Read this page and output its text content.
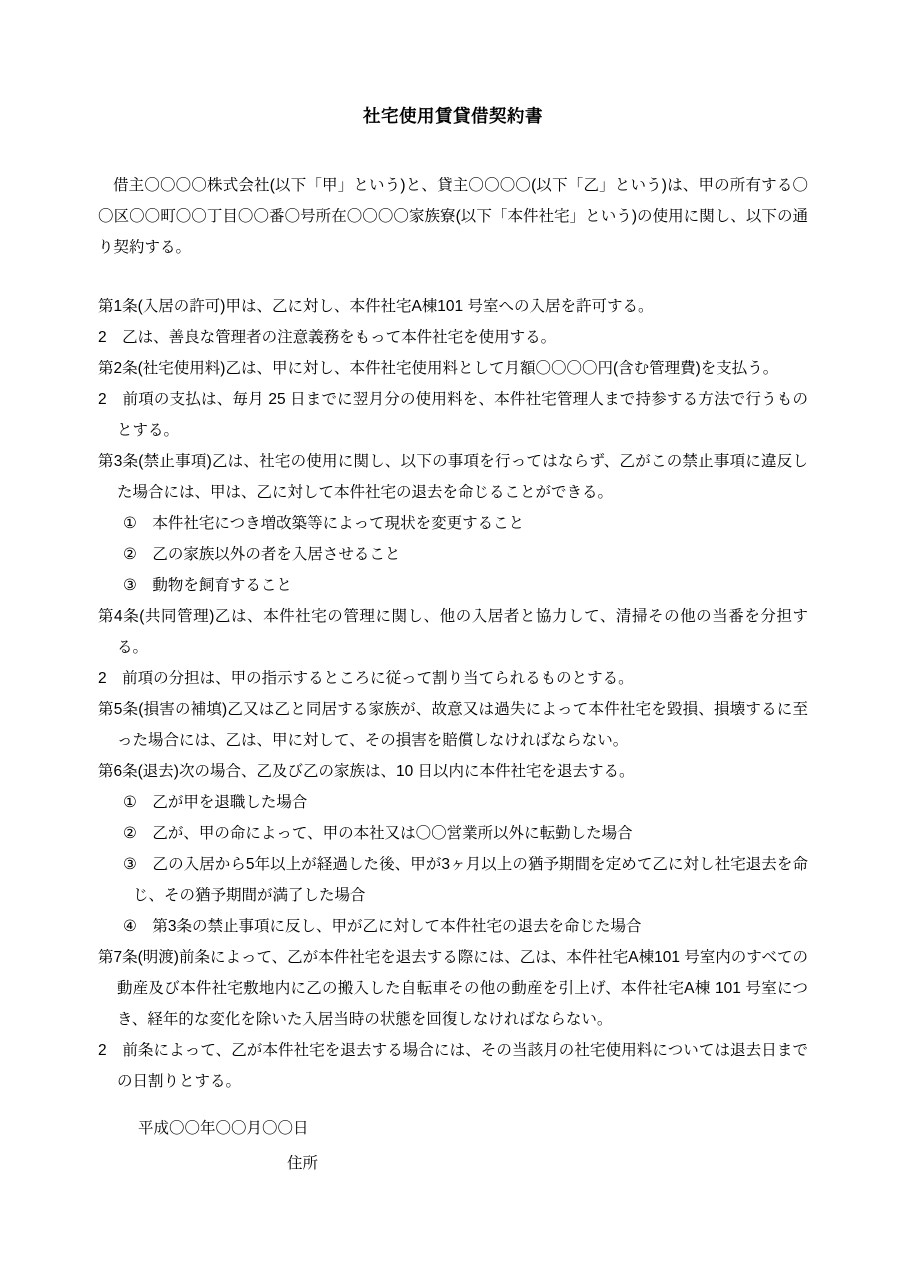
社宅使用賃貸借契約書

借主〇〇〇〇株式会社(以下「甲」という)と、貸主〇〇〇〇(以下「乙」という)は、甲の所有する〇〇区〇〇町〇〇丁目〇〇番〇号所在〇〇〇〇家族寮(以下「本件社宅」という)の使用に関し、以下の通り契約する。

第1条(入居の許可)甲は、乙に対し、本件社宅A棟101 号室への入居を許可する。

2　乙は、善良な管理者の注意義務をもって本件社宅を使用する。

第2条(社宅使用料)乙は、甲に対し、本件社宅使用料として月額〇〇〇〇円(含む管理費)を支払う。

2　前項の支払は、毎月 25 日までに翌月分の使用料を、本件社宅管理人まで持参する方法で行うものとする。

第3条(禁止事項)乙は、社宅の使用に関し、以下の事項を行ってはならず、乙がこの禁止事項に違反した場合には、甲は、乙に対して本件社宅の退去を命じることができる。

①　本件社宅につき増改築等によって現状を変更すること

②　乙の家族以外の者を入居させること

③　動物を飼育すること

第4条(共同管理)乙は、本件社宅の管理に関し、他の入居者と協力して、清掃その他の当番を分担する。

2　前項の分担は、甲の指示するところに従って割り当てられるものとする。

第5条(損害の補填)乙又は乙と同居する家族が、故意又は過失によって本件社宅を毀損、損壊するに至った場合には、乙は、甲に対して、その損害を賠償しなければならない。

第6条(退去)次の場合、乙及び乙の家族は、10 日以内に本件社宅を退去する。

①　乙が甲を退職した場合

②　乙が、甲の命によって、甲の本社又は〇〇営業所以外に転勤した場合

③　乙の入居から5年以上が経過した後、甲が3ヶ月以上の猶予期間を定めて乙に対し社宅退去を命じ、その猶予期間が満了した場合

④　第3条の禁止事項に反し、甲が乙に対して本件社宅の退去を命じた場合

第7条(明渡)前条によって、乙が本件社宅を退去する際には、乙は、本件社宅A棟101 号室内のすべての動産及び本件社宅敷地内に乙の搬入した自転車その他の動産を引上げ、本件社宅A棟 101 号室につき、経年的な変化を除いた入居当時の状態を回復しなければならない。

2　前条によって、乙が本件社宅を退去する場合には、その当該月の社宅使用料については退去日までの日割りとする。

平成〇〇年〇〇月〇〇日

住所
